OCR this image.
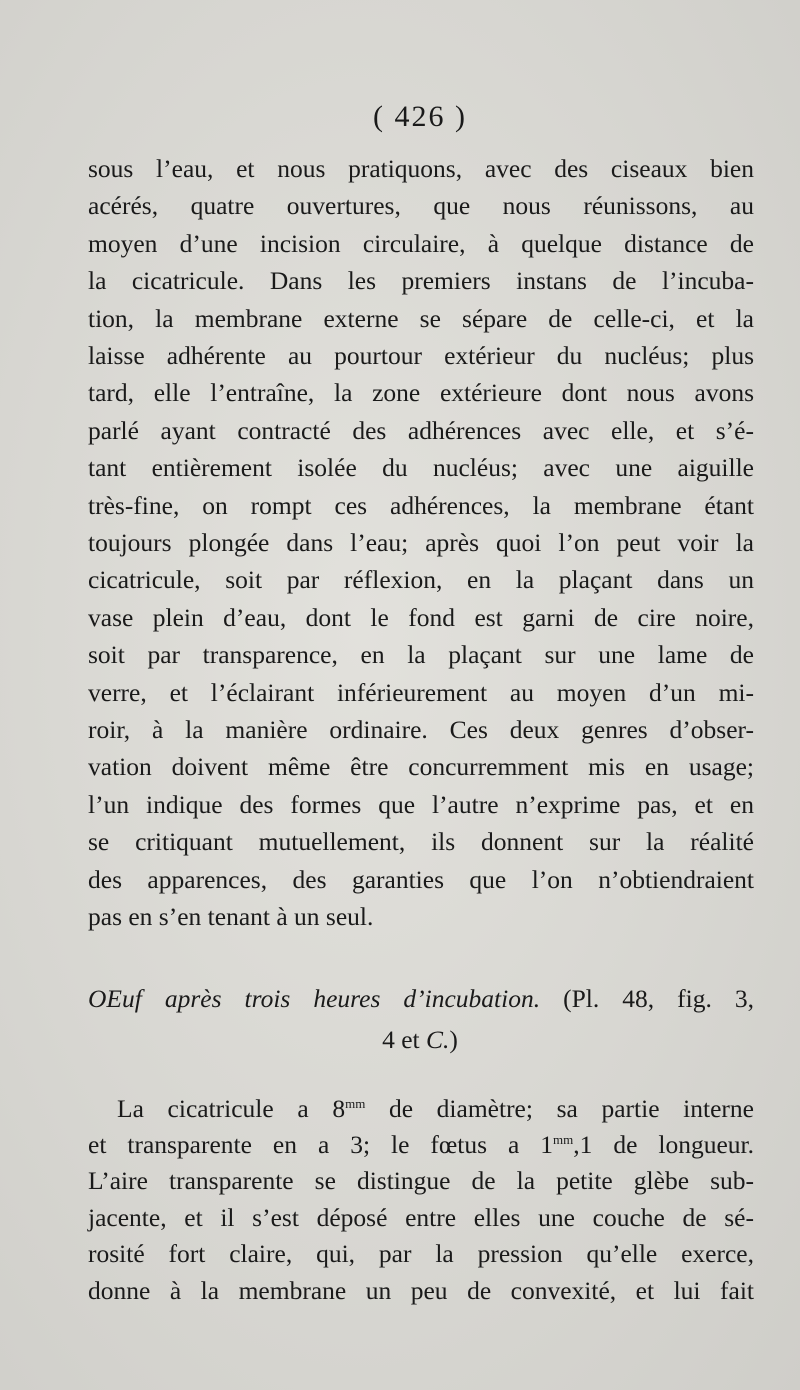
( 426 )
sous l’eau, et nous pratiquons, avec des ciseaux bien
acérés, quatre ouvertures, que nous réunissons, au
moyen d’une incision circulaire, à quelque distance de
la cicatricule. Dans les premiers instans de l’incuba-
tion, la membrane externe se sépare de celle-ci, et la
laisse adhérente au pourtour extérieur du nucléus; plus
tard, elle l’entraîne, la zone extérieure dont nous avons
parlé ayant contracté des adhérences avec elle, et s’é-
tant entièrement isolée du nucléus; avec une aiguille
très-fine, on rompt ces adhérences, la membrane étant
toujours plongée dans l’eau; après quoi l’on peut voir la
cicatricule, soit par réflexion, en la plaçant dans un
vase plein d’eau, dont le fond est garni de cire noire,
soit par transparence, en la plaçant sur une lame de
verre, et l’éclairant inférieurement au moyen d’un mi-
roir, à la manière ordinaire. Ces deux genres d’obser-
vation doivent même être concurremment mis en usage;
l’un indique des formes que l’autre n’exprime pas, et en
se critiquant mutuellement, ils donnent sur la réalité
des apparences, des garanties que l’on n’obtiendraient
pas en s’en tenant à un seul.
OEuf après trois heures d’incubation. (Pl. 48, fig. 3,
4 et C.)
La cicatricule a $8^{mm}$ de diamètre; sa partie interne
et transparente en a 3; le fœtus a $1^{mm},1$ de longueur.
L’aire transparente se distingue de la petite glèbe sub-
jacente, et il s’est déposé entre elles une couche de sé-
rosité fort claire, qui, par la pression qu’elle exerce,
donne à la membrane un peu de convexité, et lui fait
